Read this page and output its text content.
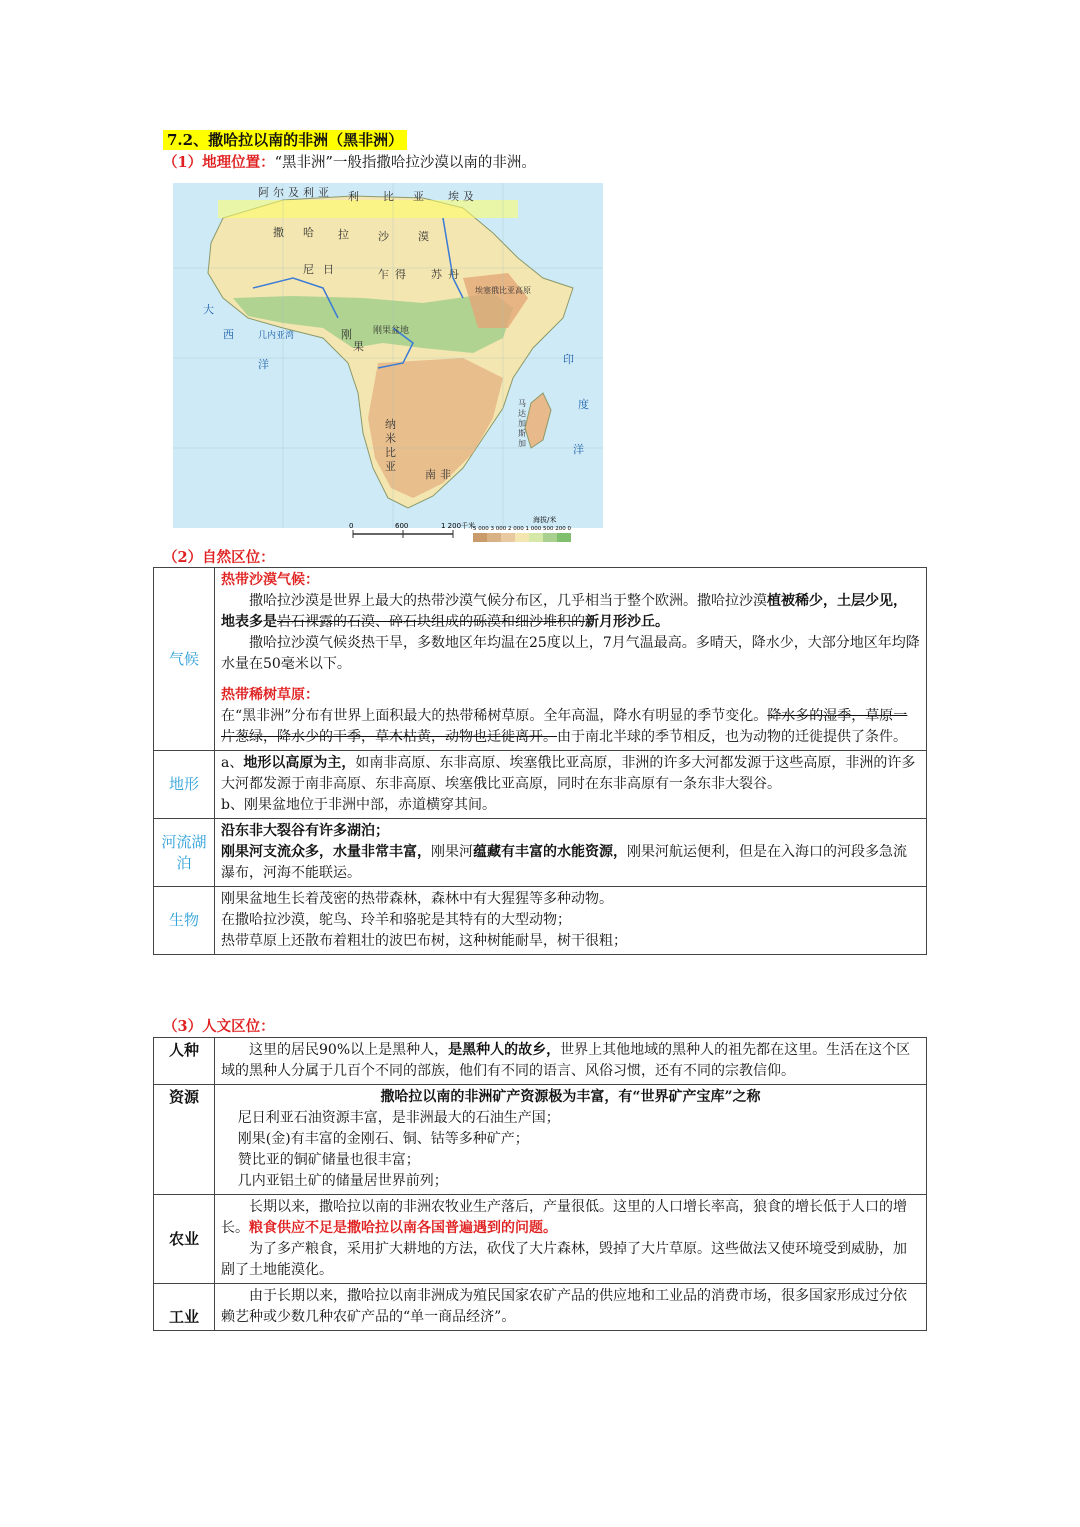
7.2、撒哈拉以南的非洲（黑非洲）
（1）地理位置：“黑非洲”一般指撒哈拉沙漠以南的非洲。
阿 尔 及 利 亚 利 比 亚 埃 及
撒 哈 拉	沙	漠
尼 日	乍 得 苏 丹
刚果盆地
埃塞俄比亚高原
几内亚湾
大
西
洋	印
度
洋
马
达
加
斯
加
纳
米
比
亚
南 非
刚
果
0	600	1 200千米
海拔/米
5 000 3 000 2 000 1 000 500 200 0
（2）自然区位：
气候	热带沙漠气候：

撒哈拉沙漠是世界上最大的热带沙漠气候分布区，几乎相当于整个欧洲。撒哈拉沙漠植被稀少，土层少见，地表多是岩石裸露的石漠、碎石块组成的砾漠和细沙堆积的新月形沙丘。

撒哈拉沙漠气候炎热干旱，多数地区年均温在25度以上，7月气温最高。多晴天，降水少，大部分地区年均降水量在50毫米以下。

热带稀树草原：

在“黑非洲”分布有世界上面积最大的热带稀树草原。全年高温，降水有明显的季节变化。降水多的湿季，草原一片葱绿，降水少的干季，草木枯黄，动物也迁徙离开。由于南北半球的季节相反，也为动物的迁徙提供了条件。

地形	a、地形以高原为主，如南非高原、东非高原、埃塞俄比亚高原，非洲的许多大河都发源于这些高原，非洲的许多大河都发源于南非高原、东非高原、埃塞俄比亚高原，同时在东非高原有一条东非大裂谷。

b、刚果盆地位于非洲中部，赤道横穿其间。

河流湖泊	沿东非大裂谷有许多湖泊；

刚果河支流众多，水量非常丰富，刚果河蕴藏有丰富的水能资源，刚果河航运便利，但是在入海口的河段多急流瀑布，河海不能联运。

生物	刚果盆地生长着茂密的热带森林，森林中有大猩猩等多种动物。

在撒哈拉沙漠，鸵鸟、玲羊和骆驼是其特有的大型动物；

热带草原上还散布着粗壮的波巴布树，这种树能耐旱，树干很粗；

（3）人文区位：
人种	这里的居民90%以上是黑种人，是黑种人的故乡，世界上其他地域的黑种人的祖先都在这里。生活在这个区域的黑种人分属于几百个不同的部族，他们有不同的语言、风俗习惯，还有不同的宗教信仰。

资源	撒哈拉以南的非洲矿产资源极为丰富，有“世界矿产宝库”之称

尼日利亚石油资源丰富，是非洲最大的石油生产国；

刚果(金)有丰富的金刚石、铜、钴等多种矿产；

赞比亚的铜矿储量也很丰富；

几内亚铝土矿的储量居世界前列；

农业	长期以来，撒哈拉以南的非洲农牧业生产落后，产量很低。这里的人口增长率高，狼食的增长低于人口的增长。粮食供应不足是撒哈拉以南各国普遍遇到的问题。

为了多产粮食，采用扩大耕地的方法，砍伐了大片森林，毁掉了大片草原。这些做法又使环境受到威胁，加剧了土地能漠化。

工业	由于长期以来，撒哈拉以南非洲成为殖民国家农矿产品的供应地和工业品的消费市场，很多国家形成过分依赖艺种或少数几种农矿产品的“单一商品经济”。
